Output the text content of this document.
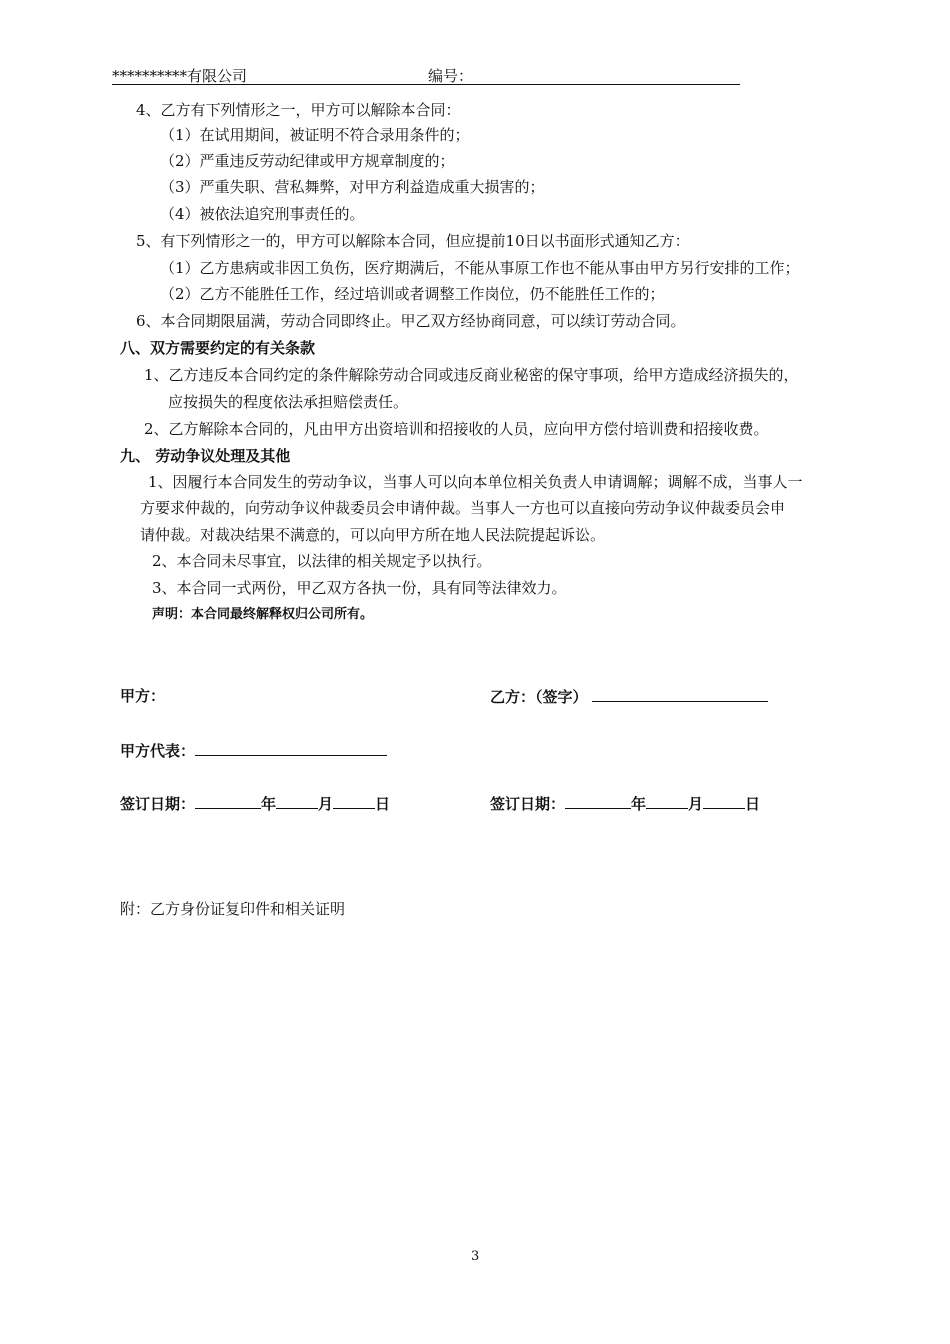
**********有限公司	编号：
4、乙方有下列情形之一，甲方可以解除本合同：
（1）在试用期间，被证明不符合录用条件的；
（2）严重违反劳动纪律或甲方规章制度的；
（3）严重失职、营私舞弊，对甲方利益造成重大损害的；
（4）被依法追究刑事责任的。
5、有下列情形之一的，甲方可以解除本合同，但应提前10日以书面形式通知乙方：
（1）乙方患病或非因工负伤，医疗期满后，不能从事原工作也不能从事由甲方另行安排的工作；
（2）乙方不能胜任工作，经过培训或者调整工作岗位，仍不能胜任工作的；
6、本合同期限届满，劳动合同即终止。甲乙双方经协商同意，可以续订劳动合同。
八、双方需要约定的有关条款
1、乙方违反本合同约定的条件解除劳动合同或违反商业秘密的保守事项，给甲方造成经济损失的，
应按损失的程度依法承担赔偿责任。
2、乙方解除本合同的，凡由甲方出资培训和招接收的人员，应向甲方偿付培训费和招接收费。
九、 劳动争议处理及其他
1、因履行本合同发生的劳动争议，当事人可以向本单位相关负责人申请调解；调解不成，当事人一
方要求仲裁的，向劳动争议仲裁委员会申请仲裁。当事人一方也可以直接向劳动争议仲裁委员会申
请仲裁。对裁决结果不满意的，可以向甲方所在地人民法院提起诉讼。
2、本合同未尽事宜，以法律的相关规定予以执行。
3、本合同一式两份，甲乙双方各执一份，具有同等法律效力。
声明：本合同最终解释权归公司所有。
甲方：	乙方：（签字）
甲方代表：
签订日期：	年	月	日	签订日期：	年	月	日
附：乙方身份证复印件和相关证明
3
